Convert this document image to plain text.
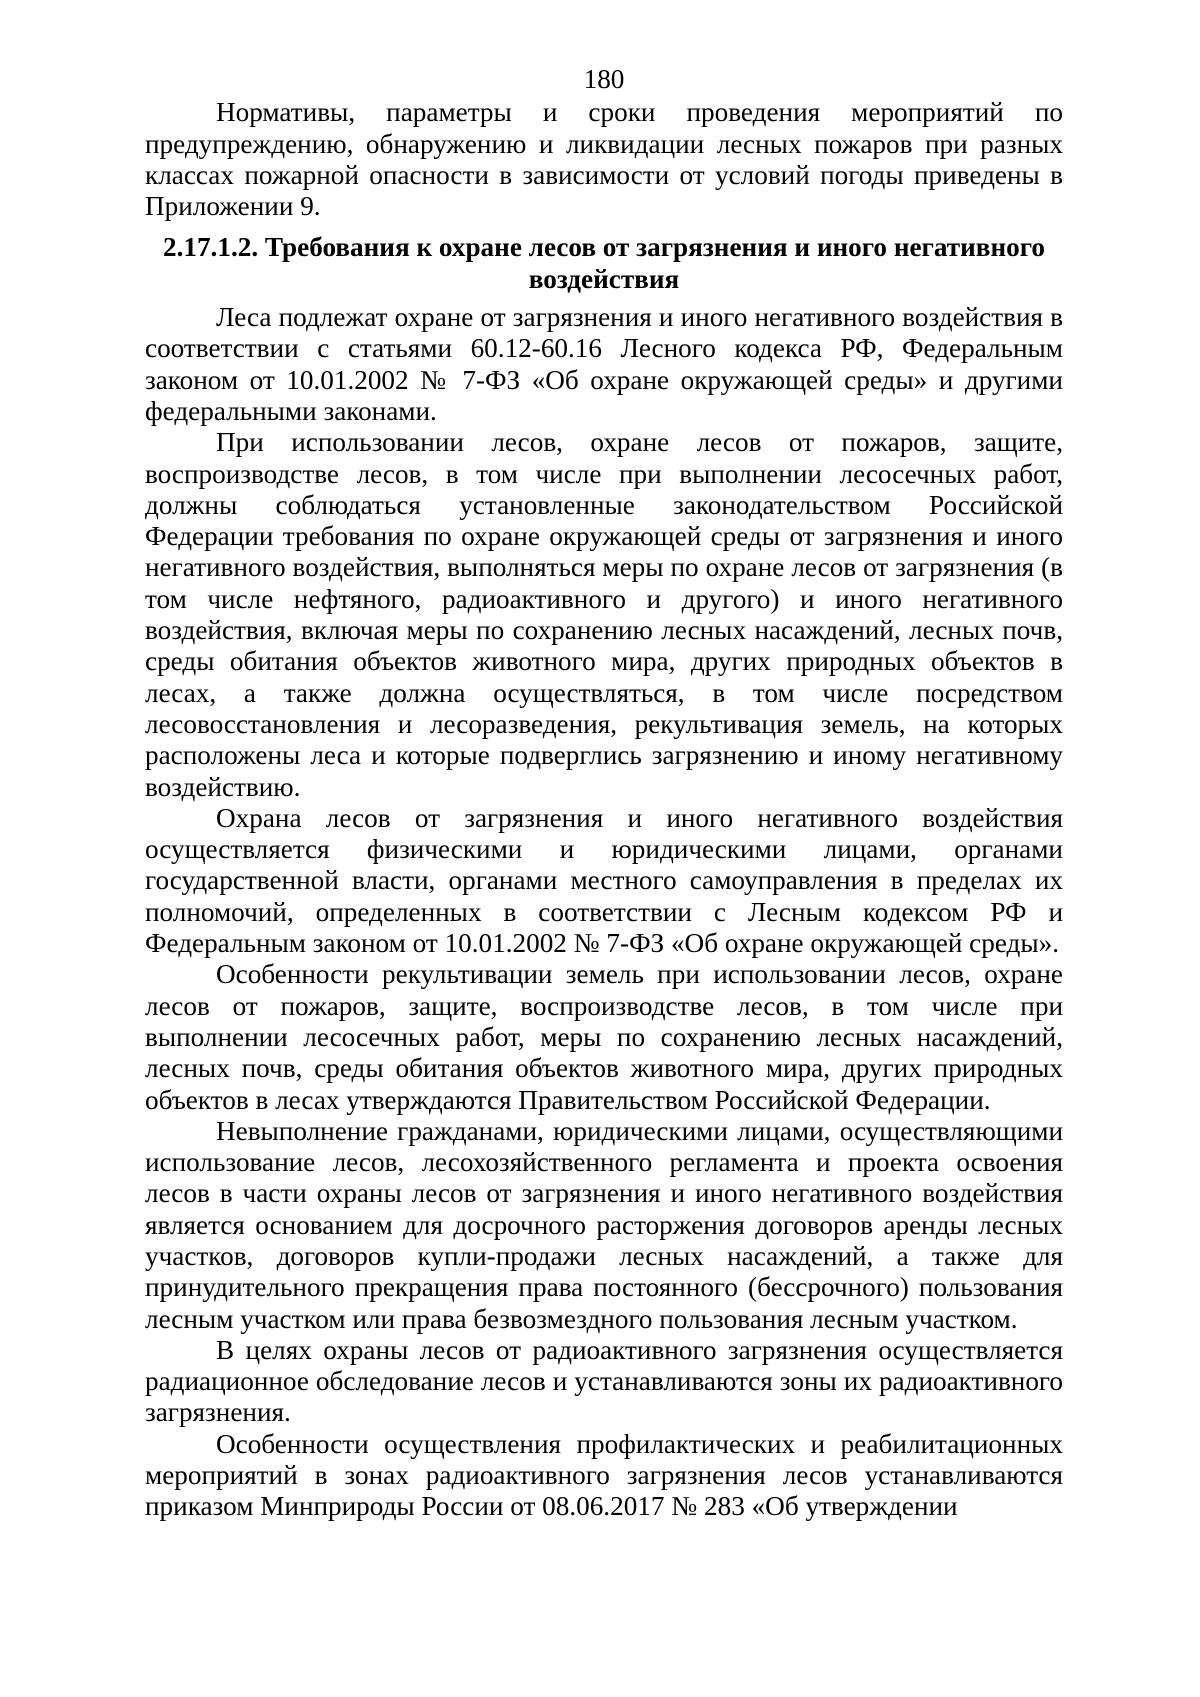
180

Нормативы, параметры и сроки проведения мероприятий по предупреждению, обнаружению и ликвидации лесных пожаров при разных классах пожарной опасности в зависимости от условий погоды приведены в Приложении 9.

2.17.1.2. Требования к охране лесов от загрязнения и иного негативного воздействия

Леса подлежат охране от загрязнения и иного негативного воздействия в соответствии с статьями 60.12-60.16 Лесного кодекса РФ, Федеральным законом от 10.01.2002 № 7-ФЗ «Об охране окружающей среды» и другими федеральными законами.

При использовании лесов, охране лесов от пожаров, защите, воспроизводстве лесов, в том числе при выполнении лесосечных работ, должны соблюдаться установленные законодательством Российской Федерации требования по охране окружающей среды от загрязнения и иного негативного воздействия, выполняться меры по охране лесов от загрязнения (в том числе нефтяного, радиоактивного и другого) и иного негативного воздействия, включая меры по сохранению лесных насаждений, лесных почв, среды обитания объектов животного мира, других природных объектов в лесах, а также должна осуществляться, в том числе посредством лесовосстановления и лесоразведения, рекультивация земель, на которых расположены леса и которые подверглись загрязнению и иному негативному воздействию.

Охрана лесов от загрязнения и иного негативного воздействия осуществляется физическими и юридическими лицами, органами государственной власти, органами местного самоуправления в пределах их полномочий, определенных в соответствии с Лесным кодексом РФ и Федеральным законом от 10.01.2002 № 7-ФЗ «Об охране окружающей среды».

Особенности рекультивации земель при использовании лесов, охране лесов от пожаров, защите, воспроизводстве лесов, в том числе при выполнении лесосечных работ, меры по сохранению лесных насаждений, лесных почв, среды обитания объектов животного мира, других природных объектов в лесах утверждаются Правительством Российской Федерации.

Невыполнение гражданами, юридическими лицами, осуществляющими использование лесов, лесохозяйственного регламента и проекта освоения лесов в части охраны лесов от загрязнения и иного негативного воздействия является основанием для досрочного расторжения договоров аренды лесных участков, договоров купли-продажи лесных насаждений, а также для принудительного прекращения права постоянного (бессрочного) пользования лесным участком или права безвозмездного пользования лесным участком.

В целях охраны лесов от радиоактивного загрязнения осуществляется радиационное обследование лесов и устанавливаются зоны их радиоактивного загрязнения.

Особенности осуществления профилактических и реабилитационных мероприятий в зонах радиоактивного загрязнения лесов устанавливаются приказом Минприроды России от 08.06.2017 № 283 «Об утверждении
